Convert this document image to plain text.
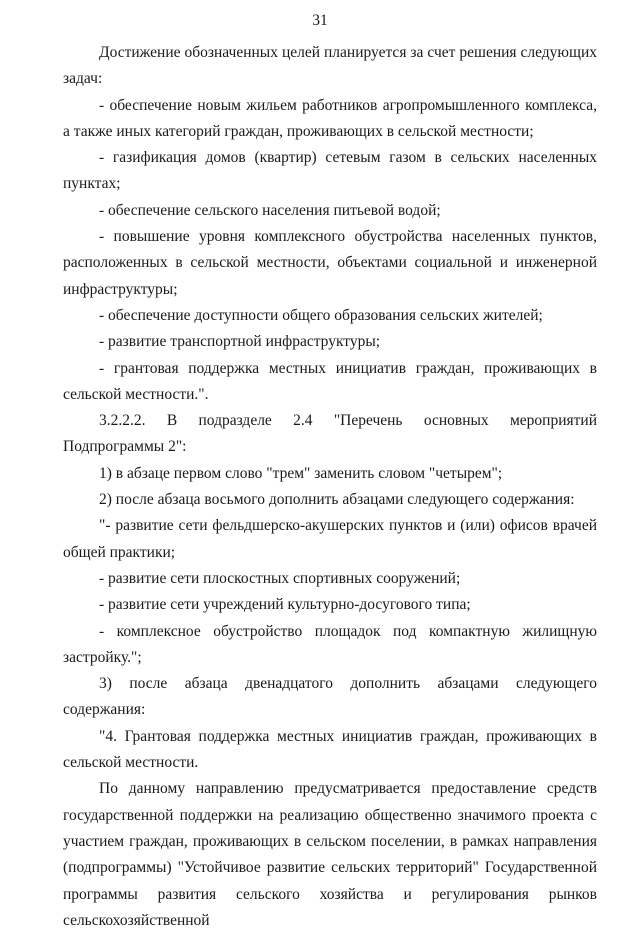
31

Достижение обозначенных целей планируется за счет решения следующих задач:

- обеспечение новым жильем работников агропромышленного комплекса, а также иных категорий граждан, проживающих в сельской местности;

- газификация домов (квартир) сетевым газом в сельских населенных пунктах;

- обеспечение сельского населения питьевой водой;

- повышение уровня комплексного обустройства населенных пунктов, расположенных в сельской местности, объектами социальной и инженерной инфраструктуры;

- обеспечение доступности общего образования сельских жителей;

- развитие транспортной инфраструктуры;

- грантовая поддержка местных инициатив граждан, проживающих в сельской местности.".

3.2.2.2. В подразделе 2.4 "Перечень основных мероприятий Подпрограммы 2":

1) в абзаце первом слово "трем" заменить словом "четырем";

2) после абзаца восьмого дополнить абзацами следующего содержания:

"- развитие сети фельдшерско-акушерских пунктов и (или) офисов врачей общей практики;

- развитие сети плоскостных спортивных сооружений;

- развитие сети учреждений культурно-досугового типа;

- комплексное обустройство площадок под компактную жилищную застройку.";

3) после абзаца двенадцатого дополнить абзацами следующего содержания:

"4. Грантовая поддержка местных инициатив граждан, проживающих в сельской местности.

По данному направлению предусматривается предоставление средств государственной поддержки на реализацию общественно значимого проекта с участием граждан, проживающих в сельском поселении, в рамках направления (подпрограммы) "Устойчивое развитие сельских территорий" Государственной программы развития сельского хозяйства и регулирования рынков сельскохозяйственной
